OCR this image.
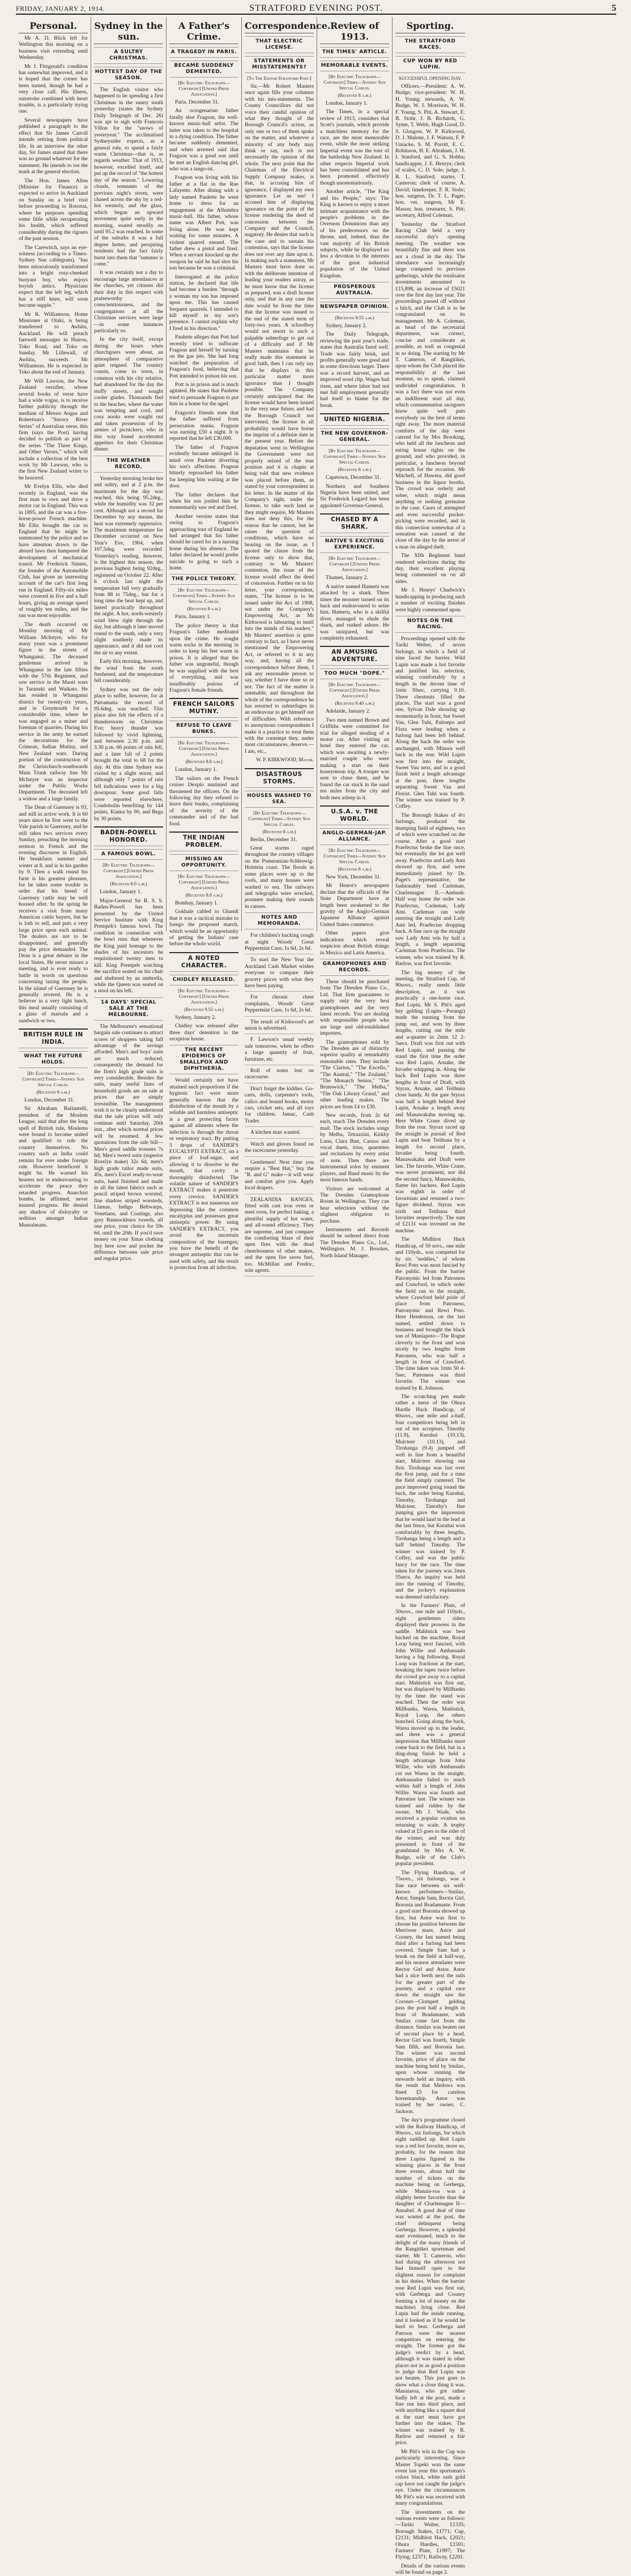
FRIDAY, JANUARY 2, 1914.	STRATFORD EVENING POST.	5
Personal.

Mr A. D. Blick left for Wellington this morning on a business visit extending until Wednesday.

Mr J. Fitzgerald's condition has somewhat improved, and it is hoped that the corner has been turned, though he had a very close call. His illness, sunstroke combined with heart trouble, is a particularly trying one.

Several newspapers have published a paragraph to the effect that Sir James Carroll intends retiring from political life. In an interview the other day, Sir James stated that there was no ground whatever for the statement. He intends to toe the mark at the general election.

The Hon. James Allen (Minister for Finance) is expected to arrive in Auckland on Sunday on a brief visit before proceeding to Rotorua, where he purposes spending some little while recuperating his health, which suffered considerably during the rigours of the past session.

The Carewitch, says an eye-witness (according to a Times-Sydney Sun cablegram), "has been miraculously transformed into a bright rosy-cheeked buoyant boy, who enjoys boyish antics. Physicians expect that the left leg, which has a stiff knee, will soon become supple."

Mr R. Williamson, Home Missioner at Otaki, is being transferred to Awhitu, Auckland. He will preach farewell messages in Huirou, Toko Road, and Toko on Sunday. Mr Lillewall, of Awhitu, succeeds Mr Williamson. He is expected in Toko about the end of January.

Mr Will Lawson, the New Zealand versifier, whose several books of verse have had a wide vogue, is to receive further publicity through the medium of Messrs Angus and Robertson's "Snowy River Series" of Australian verse, this firm (says the Post) having decided to publish as part of the series "The Three Kings, and Other Verses," which will include a collection of the best work by Mr Lawson, who is the first New Zealand writer to be honored.

Mr Evelyn Ellis, who died recently in England, was the first man to own and drive a motor car in England. This was in 1895, and the car was a five-horse-power French machine. Mr Ellis brought the car to England that he might be summoned by the police and so have attention drawn to the absurd laws then hampered the development of mechanical transit. Mr Frederick Simms, the founder of the Automobile Club, has given an interesting account of the car's first long run in England. Fifty-six miles were covered in five and a half hours, giving an average speed of roughly ten miles, and the run was most enjoyable.

The death occurred on Monday morning of Mr William McIntyre, who for many years was a prominent figure in the streets of Whanganui. The deceased gentleman arrived in Whanganui in the late fifties with the 57th Regiment, and saw service in the Maori wars in Taranaki and Waikato. He has resided in Whanganui district for twenty-six years, and in Greymouth for a considerable time, where he was engaged as a miner and foreman of quarries. During his service in the army he earned the decorations for the Crimean, Indian Mutiny, and New Zealand wars. During portion of the construction of the Christchurch-southwards Main Trunk railway line Mr McIntyre was an inspector under the Public Works Department. The deceased left a widow and a large family.

The Dean of Guernsey is 93, and still in active work. It is 60 years since he first went to the Vale parish in Guernsey, and he still takes two services every Sunday, preaching the morning sermon in French and the evening discourse in English. He breakfasts summer and winter at 8, and is in his garden by 9. Then a walk round his farm is his greatest pleasure, for he takes some trouble in order that his breed of Guernsey cattle may be well housed after. In the spring he receives a visit from many American cattle buyers, but he is loth to sell, and puts a very large price upon each animal. The dealers are not to be disappointed, and generally pay the price demanded. The Dean is a great debater in the local States. He never misses a meeting, and is ever ready to battle in words on questions concerning taxing the people. In the island of Guernsey he is generally revered. He is a believer in a very light lunch, this meal usually consisting of a glass of marsala and a sandwich or two.

BRITISH RULE IN INDIA.
WHAT THE FUTURE HOLDS.
[By Electric Telegraph—Copyright] Times—Sydney Sun Special Cables.
(Received 8 a.m.)

London, December 31.

Sir Abraham Bailantelli, president of the Moslem League, said that after the long spell of British rule, Moslems were bound to become united and qualified to rule the country themselves. No country such as India could remain for ever under foreign rule. However beneficent it might be. He warned his hearers not in endeavouring to accelerate the peace they retarded progress. Anarchist bombs, he affirmed, never insured progress. He denied any shadow of disloyalty or sedition amongst Indian Mussulmans.

Sydney in the sun.
A SULTRY CHRISTMAS.
HOTTEST DAY OF THE SEASON.

The English visitor who happened to be spending a first Christmas in the sunny south yesterday (states the Sydney Daily Telegraph of Dec. 26) was apt to sigh with Francois Villon for the "snows of yesteryear." The acclimatised Sydneysider expects, as a general rule, to spend a fairly warm Christmas—that is, as regards weather. That of 1913, however, excelled itself, and put up the record of "the hottest day of the season." Lowering clouds, remnants of the previous night's storm, were chased across the sky by a red-hot westerly, and the glass, which began an upward movement quite early in the morning, soared steadily on until 95.2 was reached. In some of the suburbs it was a full degree hotter, and perspiring residents had the fact fairly burnt into them that "summer is come."

It was certainly not a day to encourage large attendances at the churches, yet citizens did their duty in this respect with praiseworthy conscientiousness, and the congregations at all the Christmas services were large—in some instances particularly so.

In the city itself, except during the hours when churchgoers were about, an atmosphere of comparative quiet reigned. The country cousin, come to town, in common with his city relative, had abandoned for the day the stuffy streets, and sought cooler glades. Thousands fled to the beaches, where the water was tempting and cool, and cosy nooks were sought out and taken possession of by armies of picnickers, who in this way found accelerated appetites for their Christmas dinner.

THE WEATHER RECORD.

Yesterday morning broke hot and sultry, and at 2 p.m. the maximum for the day was reached, this being 95.2deg., while the humidity was 32 per cent. Although not a record for December by any means, the heat was extremely oppressive. The maximum temperature for December occurred on New Year's Eve, 1904, when 107.5deg. were recorded. Yesterday's reading, however, is the highest this season, the previous highest being 92deg., registered on October 22. After 6 o'clock last night the temperature fell very gradually from 88 to 75deg., but for a long time the heat kept up, and lasted practically throughout the night. A hot, north-westerly wind blew right through the day, but although it later moved round to the south, only a very slight southerly made its appearance, and it did not cool the air to any extent.

Early this morning, however, the wind from the south freshened, and the temperature fell considerably.

Sydney was not the only place to suffer, however, for at Parramatta the record of 95.6deg. was reached. This place also felt the effects of a thunderstorm on Christmas Eve; heavy thunder was followed by vivid lightning, and between 2.30 p.m. and 3.30 p.m. 66 points of rain fell, and a later fall of 2 points brought the total to 68 for the day. At this time Sydney was visited by a slight storm, and although only 7 points of rain fell indications were for a big downpour. Some good falls were reported elsewhere, Condobolin benefiting by 144 points, Kiama by 90, and Bega by 30 points.

BADEN-POWELL HONORED.
A FAMOUS BOWL.
[By Electric Telegraph—Copyright] [United Press Association.]
(Received 8.0 a.m.)

London, January 1.

Major-General Sir R. S. S. Baden-Powell has been presented by the United Service Institute with King Prempeh's famous bowl. The condition in connection with the bowl runs that whenever the King paid homage to the shades of his ancestors he requisitioned twenty men to kill. King Prempeh watching the sacrifice seated on his chair and sheltered by an umbrella, while the Queen was seated on a stool on his left.

14 DAYS' SPECIAL SALE AT THE MELBOURNE.

The Melbourne's sensational bargain sale continues to attract scores of shoppers taking full advantage of the savings afforded. Men's and boys' suits are much reduced, consequently the demand for the firm's high grade suits is very considerable. Besides the suits, many useful lines of household goods are on sale at prices that are simply irresistible. The management wish it to be clearly understood that the sale prices will only continue until Saturday, 20th inst., after which normal prices will be resumed. A few quotations from the sale bill—Men's good saddle trousers 7s 6d; Men's tweed suits (superior Rosslyn make) 32s 6d, men's high grade tailor made suits, 45s, men's Excel ready-to-wear suits, hand finished and made in all the latest fabrics such as pencil striped brown worsted, fine shadow striped worsteds, Llamas, Indigo Beltwarps, Venetians, and Coatings, also grey Bannockburn tweeds, all one price, your choice for 59s 6d, until the 20th. If you'd save money on your Xmas clothing buy here now and pocket the difference between sale price and regular price.

A Father's Crime.
A TRAGEDY IN PARIS.
BECAME SUDDENLY DEMENTED.
[By Electric Telegraph—Copyright] [United Press Association.]

Paris, December 31.

An octogenarian father fatally shot Fragson, the well-known music-hall artist. The latter was taken to the hospital in a dying condition. The father became suddenly demented, and when arrested said that Fragson was a good son until he met an English dancing girl, who was a tango-ist.

Fragson was living with his father at a flat in the Rue Lafayette. After dining with a lady named Paulette he went home to dress for an engagement at the Alhambra music-hall. His father, whose name was Albert Pott, was living alone. He was kept waiting for some minutes. A violent quarrel ensued. The father drew a pistol and fired. When a servant knocked up the weapon he said he had shot his son because he was a criminal.

Interrogated at the police station, he declared that life had become a burden "through a woman my son has imposed upon me. This has caused frequent quarrels. I intended to kill myself in my son's presence. I cannot explain why I fired in his direction."

Paulette alleges that Pott had recently tried to suffocate Fragson and herself by turning on the gas jets. She had long watched the preparation of Fragson's food, believing that Pott intended to poison his son.

Pott is in prison and is much agitated. He states that Paulette tried to persuade Fragson to put him in a home for the aged.

Fragson's friends state that the father suffered from persecution mania. Fragson was earning £50 a night. It is reported that he left £30,000.

The father of Fragson evidently became unhinged in mind over Paulette diverting his son's affections. Fragson bitterly reproached his father for keeping him waiting at the door.

The father declares that when his son jostled him he momentarily saw red and fired.

Another version states that owing to Fragson's approaching tour of England he had arranged that his father should be cared for in a nursing home during his absence. The father declared he would prefer suicide to going to such a home.

THE POLICE THEORY.
[By Electric Telegraph—Copyright] Times—Sydney Sun Special Cables.
(Received 8 a.m.)

Paris, January 1.

The police theory is that Fragson's father meditated upon the crime. He sought warm socks in the morning in order to keep his feet warm in prison. It is alleged that the father was ungrateful, though he was supplied with the best of everything, and was insufferably jealous of Fragson's female friends.

FRENCH SAILORS MUTINY.
REFUSE TO LEAVE BUNKS.
[By Electric Telegraph—Copyright] [United Press Association.]
(Received 8.0 a.m.)

London, January 1.

The sailors on the French cruiser Dexplo mutinied and threatened the officers. On the following day they refused to leave their bunks, complaining of the severity of the commander and of the bad food.

THE INDIAN PROBLEM.
MISSING AN OPPORTUNITY.
[By Electric Telegraph—Copyright] [United Press Association.]
(Received 8.0 a.m.)

Bombay, January 1.

Gokhale cabled to Ghandi that it was a tactical mistake to forego the proposed march, which would be an opportunity of getting the Indians' case before the whole world.

A NOTED CHARACTER.
CHIDLEY RELEASED.
[By Electric Telegraph—Copyright] [United Press Association.]
(Received 9.55 a.m.)

Sydney, January 2.

Chidley was released after three days' detention in the reception house.

THE RECENT EPIDEMICS OF SMALLPOX AND DIPHTHERIA.

Would certainly not have attained such proportions if the hygienic fact were more generally known that the disinfection of the mouth by a reliable and harmless antiseptic is a great protecting factor against all ailments where the infection is through the throat or respiratory tract. By putting 3 drops of SANDER'S EUCALYPTI EXTRACT, on a piece of loaf-sugar, and allowing it to dissolve in the mouth, that cavity is thoroughly disinfected. The volatile nature of SANDER'S EXTRACT makes it penetrate every crevice. SANDER'S EXTRACT is not nauseous nor depressing like the common eucalyptus and possesses great antiseptic power. By using SANDER'S EXTRACT, you avoid the uncertain composition of the lozenges; you have the benefit of the strongest antiseptic that can be used with safety, and the result is protection from all infection.

Correspondence.
THAT ELECTRIC LICENSE.
STATEMENTS OR MISSTATEMENTS?
[To The Editor Stratford Post.]

Sir,—Mr Robert Masters once again fills your columns with his mis-statements. The County Councillors did not voice their candid opinion of what they thought of the Borough Council's action, as only one or two of them spoke on the matter, and whatever a minority of any body may think or say, such is not necessarily the opinion of the whole. The next point that the Chairman of the Electrical Supply Company makes, is that, in accusing him of ignorance, I displayed my own ignorance. Let us see! I accused him of displaying ignorance on the point of the license rendering the deed of concession between the Company and the Council, nugatory. He denies that such is the case and to sustain his contention, says that the license does not over any date upon it. In making such a statement, Mr Masters must have done so with the deliberate intention of leading your readers astray, as he must know that the license as prepared, was a draft license only, and that in any case the date would be from the time that the license was issued to the end of the stated term of forty-two years. A schoolboy would not resort to such a palpable subterfuge to get out of a difficulty and if Mr Masters maintains that he really made this statement in good faith, then I can only say that he displays in this particular matter more ignorance than I thought possible. The Company certainly anticipated that the license would have been issued in the very near future, and had the Borough Council not intervened, the license in all probability would have borne the imprint of a definite date in the present year. Before the deputation went to Wellington the Government were not properly seized of the true position and it is chapin at being told that new evidence was placed before them, as stated by your correspondent in his letter. In the matter of the Company's right, under the license, to take such land as they might require, Mr Masters does not deny this, for the reason that he cannot, but he raises the question of conditions, which have no bearing on the issue, as I quoted the clause from the license only to show that, contrary to Mr Masters' contention, the issue of the license would affect the deed of concession. Further on in his letter, your correspondent, states, "The license is to be issued under the Act of 1908, not under the Company's Empowering Act, as Mr Kirkwood is labouring to instil into the minds of his readers." Mr Masters' assertion is quite contrary to fact, as I have never mentioned the Empowering Act, or referred to it in any way, and, having all the correspondence before them, I ask any reasonable person to say, whether I have done so or not. The fact of the matter is untenable, and throughout the whole of the correspondence he has resorted to subterfuges in an endeavour to get himself out of difficulties. With reference to anonymous correspondents I make it a practice to treat them with the contempt they, under most circumstances, deserve.—I am, etc.,

W. P. KIRKWOOD, Mayor.
DISASTROUS STORMS.
HOUSES WASHED TO SEA.
[By Electric Telegraph—Copyright] Times—Sydney Sun Special Cables.
(Received 8 a.m.)

Berlin, December 31.

Great storms raged throughout the country villages on the Pomeranian-Schleswig-Holstein coast. The floods in some places were up to the roofs, and many houses were washed to sea. The railways and telegraphs were wrecked, postmen making their rounds in canoes.

NOTES AND MEMORANDA.

For children's hacking cough at night Woods' Great Peppermint Cure, 1s 6d, 2s 6d.

To start the New Year the Auckland Cash Market wishes everyone to compare their grocery prices with what they have been paying.

For chronic chest complaints, Woods' Great Peppermint Cure, 1s 6d, 2s 6d.

The result of Kirkwood's art union is advertised.

F. Lawson's usual weekly sale tomorrow, when he offers a large quantity of fruit, furniture, etc.

Roll of notes lost on racecourse.

Don't forget the kiddies. Go-carts, dolls, carpenter's tools, calico and bound books, motor cars, cricket sets, and all toys for children. Jamac, Cash Trader.

A kitchen man wanted.

Watch and gloves found on the racecourse yesterday.

Gentlemen! Next time you require a "Best Hat," buy the "R. and G" make—it will wear and comfort give you. Apply local drapers.

ZEALANDIA RANGES, fitted with cast iron oven or steel oven, for perfect baking, a plentiful supply of hot water, and all-round efficiency. They are supreme, and just compare the comforting blaze of their open fires with the dead cheerlessness of other makes, and the open fire saves fuel, too. McMillan and Fredric, sole agents.

Review of 1913.
THE TIMES' ARTICLE.
MEMORABLE EVENTS.
[By Electric Telegraph—Copyright] Times—Sydney Sun Special Cables.
(Received 8 a.m.)

London, January 1.

The Times, in a special review of 1913, considers that Scott's journals, which provide a matchless memory for the race, are the most memorable event, while the most striking Imperial event was the tour of the battleship New Zealand. In other respects Imperial work has been consolidated and has been promoted effectively though unostentatiously.

Another article, "The King and his People," says: The King is known to enjoy a more intimate acquaintance with the people's problems in the Overseas Dominions than any of his predecessors on the throne, and, indeed, than the vast majority of his British subjects, while he displayed no less a devotion to the interests of the great industrial population of the United Kingdom.

PROSPEROUS AUSTRALIA.
NEWSPAPER OPINION.
(Received 9.55 a.m.)

Sydney, January 2.

The Daily Telegraph, reviewing the past year's trade, states that Australia fared well. Trade was fairly brisk, and profits generally were good and in some directions larger. There was a record harvest, and an improved wool clip. Wages had risen, and where labor had not met full employment generally had itself to blame for the break.

UNITED NIGERIA.
THE NEW GOVERNOR-GENERAL.
[By Electric Telegraph—Copyright] Times—Sydney Sun Special Cables.
(Received 8 a.m.)

Capetown, December 31.

Northern and Southern Nigeria have been united, and Sir Frederick Lugard has been appointed Governor-General.

CHASED BY A SHARK.
NATIVE'S EXCITING EXPERIENCE.
[By Electric Telegraph—Copyright] [United Press Association.]

Thames, January 2.

A native named Hameru was attacked by a shark. Three times the monster turned on its back and endeavoured to seize him. Hameru, who is a skilful diver, managed to elude the shark, and rushed ashore. He was uninjured, but was completely exhausted.

AN AMUSING ADVENTURE.
TOO MUCH "DOPE."
[By Electric Telegraph—Copyright] [United Press Association.]
(Received 9.40 a.m.)

Adelaide, January 2.

Two men named Brown and Griffiths were committed for trial for alleged stealing of a motor car. After visiting an hotel they entered the car, which was awaiting a newly-married couple who were making a start on their honeymoon trip. A trooper was sent to chase them, and he found the car stuck in the sand ten miles from the city and both men asleep in it.

U.S.A. v. THE WORLD.
ANGLO-GERMAN-JAP. ALLIANCE.
[By Electric Telegraph—Copyright] Times—Sydney Sun Special Cables.
(Received 8 a.m.)

New York, December 31.

Mr Hearst's newspapers declare that the officials of the State Department have at length been awakened to the gravity of the Anglo-German Japanese Alliance against United States commerce.

Other papers give indications which reveal suspicion about British doings in Mexico and Latin America.

GRAMOPHONES AND RECORDS.

These should be purchased from The Dresden Piano Co., Ltd. That firm guarantees to supply only the very best gramophones and the very latest records. You are dealing with responsible people who are large and old-established importers.

The gramophones sold by The Dresden are of distinctly superior quality at remarkably reasonable rates. They include "The Clarion," "The Excello," "The Austral," "The Zealand," "The Monarch Senior," "The Brunswick," "The Melba," "The Oak Library Grand," and other leading makes. The prices are from £4 to £30.

New records, from 2s 6d each, reach The Dresden every mail. The stock includes songs by Melba, Tetrazzini, Kirkby Lunn, Clara Butt, Caruso and vocal duets, trios, quartettes and recitations by every artist of note. Then there are instrumental solos by eminent players, and Band music by the most famous bands.

Visitors are welcomed at The Dresden Gramophone Room in Wellington. They can hear selections without the slightest obligation to purchase.

Instruments and Records should be ordered direct from The Dresden Piano Co., Ltd., Wellington. M. J. Brookes, North Island Manager.

Sporting.
THE STRATFORD RACES.
CUP WON BY RED LUPIN.
SUCCESSFUL OPENING DAY.

Officers.—President: A. W. Budge; vice-president: W. H. H. Young; stewards, A. W. Budge, W. J. Morrison, W. H. F. Young, S. Pitt, A. Stewart, E. B. Stohr, J. B. Richards, G. Syme, T. Webb, Hugh Good, D. S. Glasgow, W. P. Kirkwood, D. J. Malone, J. F. Watson, F. P. Uniacke, S. M. Porritt, E. C. Robinson, H. E. Abraham, J. H. I. Stanford, and G. S. Hobbs; handicapper, J. E. Henrys; clerk of scales, C. D. Sole; judge, J. R. L. Stanford; starter, T. Cameron; clerk of course, A. David; timekeeper, F. R. Stohr; hon. surgeon, Dr. T. L. Paget; hon. vet. surgeon, Mr E. Mason; hon. treasurer, S. Pitt; secretary, Alfred Coleman.

Yesterday the Stratford Racing Club held a very successful day's opening meeting. The weather was beautifully fine and there was not a cloud in the sky. The attendance was increasingly large compared to previous gatherings, while the totalisator investments amounted to £15,898, an increase of £5021 over the first day last year. The proceedings passed off without a hitch, and the Club is to be congratulated on its management. Mr A. Coleman, as head of the secretarial department, was correct, concise and considerate as possible, as well as congenial in so doing. The starting by Mr T. Cameron, of Rangitikei, upon whom the Club placed the responsibility at the last moment, so to speak, claimed undivided congratulation. It was a fact there was not even an indifferent start all day, which consummation racegoers know quite well puts everybody on the best of terms right away. The more material comforts of the day were catered for by Mrs Brooking, who held all the luncheon and eating house rights on the ground, and who provided, in particular, a luncheon beyond reproach for the occasion. Mr Mitchell, of Hawera, did good business in the liquor booths. The crowd was orderly and sober, which might mean anything or nothing germaine to the case. Cases of attempted and even successful pocket-picking were recorded, and in this connection somewhat of a sensation was caused at the close of the day by the arrest of a man on alleged theft.

The XIth Regiment band rendered selections during the day, their excellent playing being commented on on all sides.

Mr J. Henrys' Chadwick's handicapping in producing such a number of exciting finishes were highly commented upon.

NOTES ON THE RACING.

Proceedings opened with the Tariki Welter, of seven furlongs, in which a field of nine faced the barrier. Wild Lupin was made a hot favorite and justified his selection, winning comfortably by a length in the decent time of 1min 30sec, carrying 9.10. Three chestnuts filled the places. The start was a good one, Sylvan Dale showing up momentarily in front, but Sweet Vau, Glen Tuhi, Paitoepo and Flora were leading when a furlong had been left behind. Along the back the order was unchanged, with Minora well back in the rear. Wild Lupin was first into the straight, Sweet Vau next, and in a good finish held a length advantage at the post, three lengths separating Sweet Vau and Florist. Glen Tuhi was fourth. The winner was trained by P. Coffey.

The Borough Stakes of 4½ furlongs, produced the thumping field of eighteen, two of which were scratched on the course. After a good start Praefectus broke the line once, but eventually the lot got well away. Praefectus and Lady Ami showed up first, and were immediately joined by Dr. Paget's representative, the fashionably bred Carleman, Charlemagne II.—Ambush. Half way home the order was Praefectus, Carleman, Lady Ami. Carleman ran wide entering the straight and Lady Ami led, Praefectus dropping back. A fine race up the straight saw Lady Ami win by half a length, a length separating Carleman from Praefectus. The winner, who was trained by R. Barlow, was first favorite.

The big money of the meeting, the Stratford Cup, of 90sovs., really needs little description, as it was practically a one-horse race. Red Lupin, Mr S. Pitt's aged bay gelding (Lupin—Porangi) made the running from the jump out, and won by three lengths, cutting out the mile and a-quarter in 2min 12 2-5secs. Draft was first out with Red Lupin, and passing the stand the first time the order was Red Lupin, Aruake, the Invader whipping in. Along the back Red Lupin was three lengths in front of Draft, with Styrax, Aruake, and Tetihuna close handy. At the gate Styrax was half a length behind Red Lupin, Aruake a length away and Manawakaha moving up. Here White Crane dived up from the rear. Styrax raced up the straight in pursuit of Red Lupin and beat Tetihuna by a length for second place, Invader being fourth. Manawakaha and Draft were last. The favorite, White Crane, was never prominent, nor did the second fancy, Manawakaha, flatter his backers. Red Lupin was eighth in order of favoritism and returned a two-figure dividend. Styrax was sixth and Tetihuna third favorites respectively. The sum of £2131 was invested on the machine.

The Midhirst Hack Handicap, of 50 sovs., one mile and 110yds., was competed for by six "neddies," of whom Rewi Poto was most fancied by the public. From the barrier Patronymic led from Patroness and Crawford, in which order the field ran to the straight, where Crawford held pride of place from Patroness, Patronymic and Rewi Poto. Here Henderson, on the last named, settled down to business and brought the black son of Maniapoto—The Rogue cleverly to the front and won nicely by two lengths from Patroness, who was half a length in front of Crawford. The time taken was 1min 50 4-5sec. Patroness was third favorite. The winner was trained by R. Johnson.

The scratching pen made rather a mess of the Ohura Hurdle Hack Handicap, of 60sovs., one mile and a-half, four competitors being left in out of ten acceptors. Timothy (11.9), Kuruhai (10.13), Mulcteer (10.13), and Tirohanga (9.4) jumped off well in line from a beautiful start, Mulcteer showing out first. Tirohanga was last over the first jump, and for a time the field simply cantered. The pace improved going round the back, the order being Kuruhai, Timothy, Tirohanga and Mulcteer. Timothy's fine jumping gave the impression that he would land in the lead at the last fence, but Kuruhai won comfortably by three lengths, Tirohanga being a length and a half behind Timothy. The winner was trained by P. Coffey, and was the public fancy for the race. The time taken for the journey was 2min 55secs. An inquiry was held into the running of Timothy, and the jockey's explanation was deemed satisfactory.

In the Farmers' Plate, of 50sovs., one mile and 110yds., eight gentlemen riders displayed their prowess in the saddle. Mahlstick was best backed on the machine, Royal Loop being next fancied, with John Willie and Ambassado having a big following. Royal Loop was fractious at the start, breaking the tapes twice before the crowd got away to a capital start. Mahlstick was first out, but was displaced by Millbanks by the time the stand was reached. Then the order was Millbanks, Warea, Mahlstick, Royal Loop, the others bunched. Going along the back, Warea moved up to the leader, and there was a general impression that Millbanks must come back to the field, but in a ding-dong finish he held a length advantage from John Willie, who with Ambassado cut out Warea in the straight. Ambassador failed to reach within half a length of John Willie. Warea was fourth and Patronise last. The winner was trained and ridden by the owner, Mr J. Wade, who received a popular ovation on returning to scale. A trophy valued at £5 goes to the rider of the winner, and was duly presented in front of the grandstand by Mrs A. W. Budge, wife of the Club's popular president.

The Flying Handicap, of 75sovs., six furlongs, was a fine race between six well-known performers—Smilax, Astor, Simple Sam, Rector Girl, Boronia and Bradamante. From a good start Boronia showed up first, but Astor was first to choose his position between the Merriwee mare, Astor and Cooney, the last named being third after a furlong had been covered. Simple Sam had a break on the field at half-way, and his nearest attendants were Rector Girl and Astor. Astor had a nice berth next the rails for the greater part of the journey, and a capital race down the straight saw the Coronet—Clompett gelding pass the post half a length in front of Bradamante, with Smilax come fast from the distance. Smilax was beaten out of second place by a head. Rector Girl was fourth, Simple Sam fifth, and Boronia last. The winner was second favorite, price of place on the machine being held by Smilax, upon whose running the stewards held an inquiry, with the result that Medows was fined £5 for careless horsemanship. Astor was trained by her owner, C. Jackson.

The day's programme closed with the Railway Handicap, of 90sovs., six furlongs, for which eight saddled up. Red Lupin was a red hot favorite, more so, probably, for the reason that three Lupins figured in the winning places in the front three events, about half the number of tickets on the machine being on Gerberga, while Manaia-roa was a slightly better favorite than the daughter of Charlemagne II—Annabel. A good deal of time was wasted at the post, the chief delinquent being Gerberga. However, a splendid start eventuated, much to the delight of the many friends of the Rangitikei sportsman and starter, Mr T. Cameron, who had during the afternoon not had himself open to the slightest reason for complaint in his duties. When the barrier rose Red Lupin was first out, with Gerberga and Cooney forming a lot of money on the machine) lying close. Red Lupin had the inside running, and it looked as if he would be hard to beat. Gerberga and Patroon were the nearest competitors on entering the straight. The former got the judge's verdict by a head, although it was stated in other places not in as good a position to judge that Red Lupin was not beaten. This just goes to show what a close thing it was. Manaiaroa, who got rather badly left at the post, made a fine run into third place, and with anything like a square deal at the start must have got further into the stakes. The winner was trained by R. Barlow and returned a fair price.

Mr Pitt's win in the Cup was particularly interesting. Since Master Topeki won the same event last year this sportsman's colors black, white sash gold cap have not caught the judge's eye. Under the circumstances Mr Pitt's win was received with many congratulations.

The investments on the various events were as follows:—Tariki Welter, £1335; Borough Stakes, £1771; Cup, £2131; Midhirst Hack, £2021; Ohura Hurdles, £1591; Farmers' Plate, £1997; The Flying, £2371; Railway, £2201.

Details of the various events will be found on page 2.
